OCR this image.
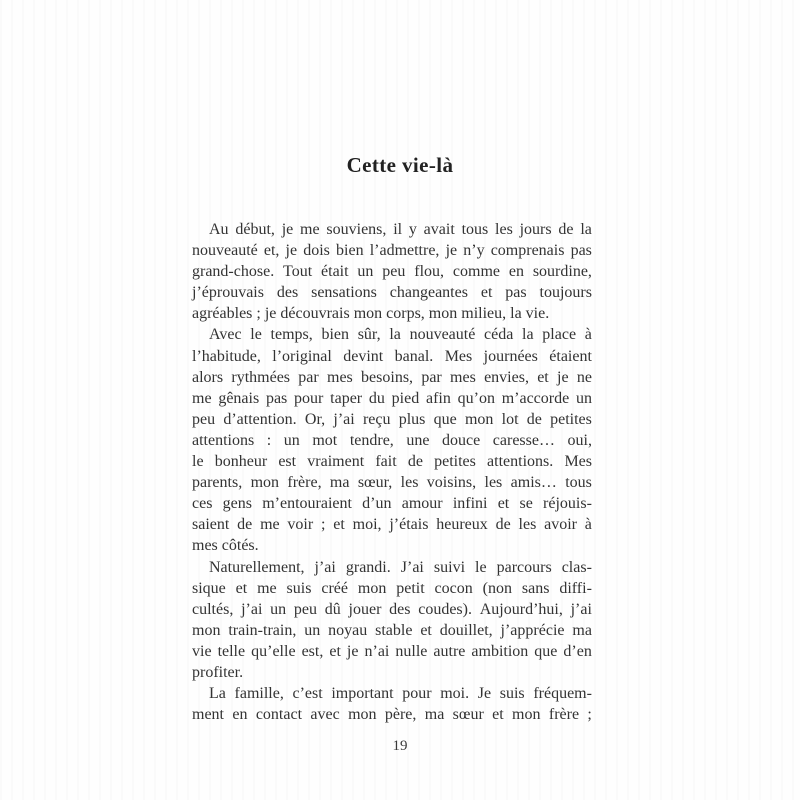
Cette vie-là
Au début, je me souviens, il y avait tous les jours de la
nouveauté et, je dois bien l’admettre, je n’y comprenais pas
grand-chose. Tout était un peu flou, comme en sourdine,
j’éprouvais des sensations changeantes et pas toujours
agréables ; je découvrais mon corps, mon milieu, la vie.
Avec le temps, bien sûr, la nouveauté céda la place à
l’habitude, l’original devint banal. Mes journées étaient
alors rythmées par mes besoins, par mes envies, et je ne
me gênais pas pour taper du pied afin qu’on m’accorde un
peu d’attention. Or, j’ai reçu plus que mon lot de petites
attentions : un mot tendre, une douce caresse… oui,
le bonheur est vraiment fait de petites attentions. Mes
parents, mon frère, ma sœur, les voisins, les amis… tous
ces gens m’entouraient d’un amour infini et se réjouis-
saient de me voir ; et moi, j’étais heureux de les avoir à
mes côtés.
Naturellement, j’ai grandi. J’ai suivi le parcours clas-
sique et me suis créé mon petit cocon (non sans diffi-
cultés, j’ai un peu dû jouer des coudes). Aujourd’hui, j’ai
mon train-train, un noyau stable et douillet, j’apprécie ma
vie telle qu’elle est, et je n’ai nulle autre ambition que d’en
profiter.
La famille, c’est important pour moi. Je suis fréquem-
ment en contact avec mon père, ma sœur et mon frère ;
19
